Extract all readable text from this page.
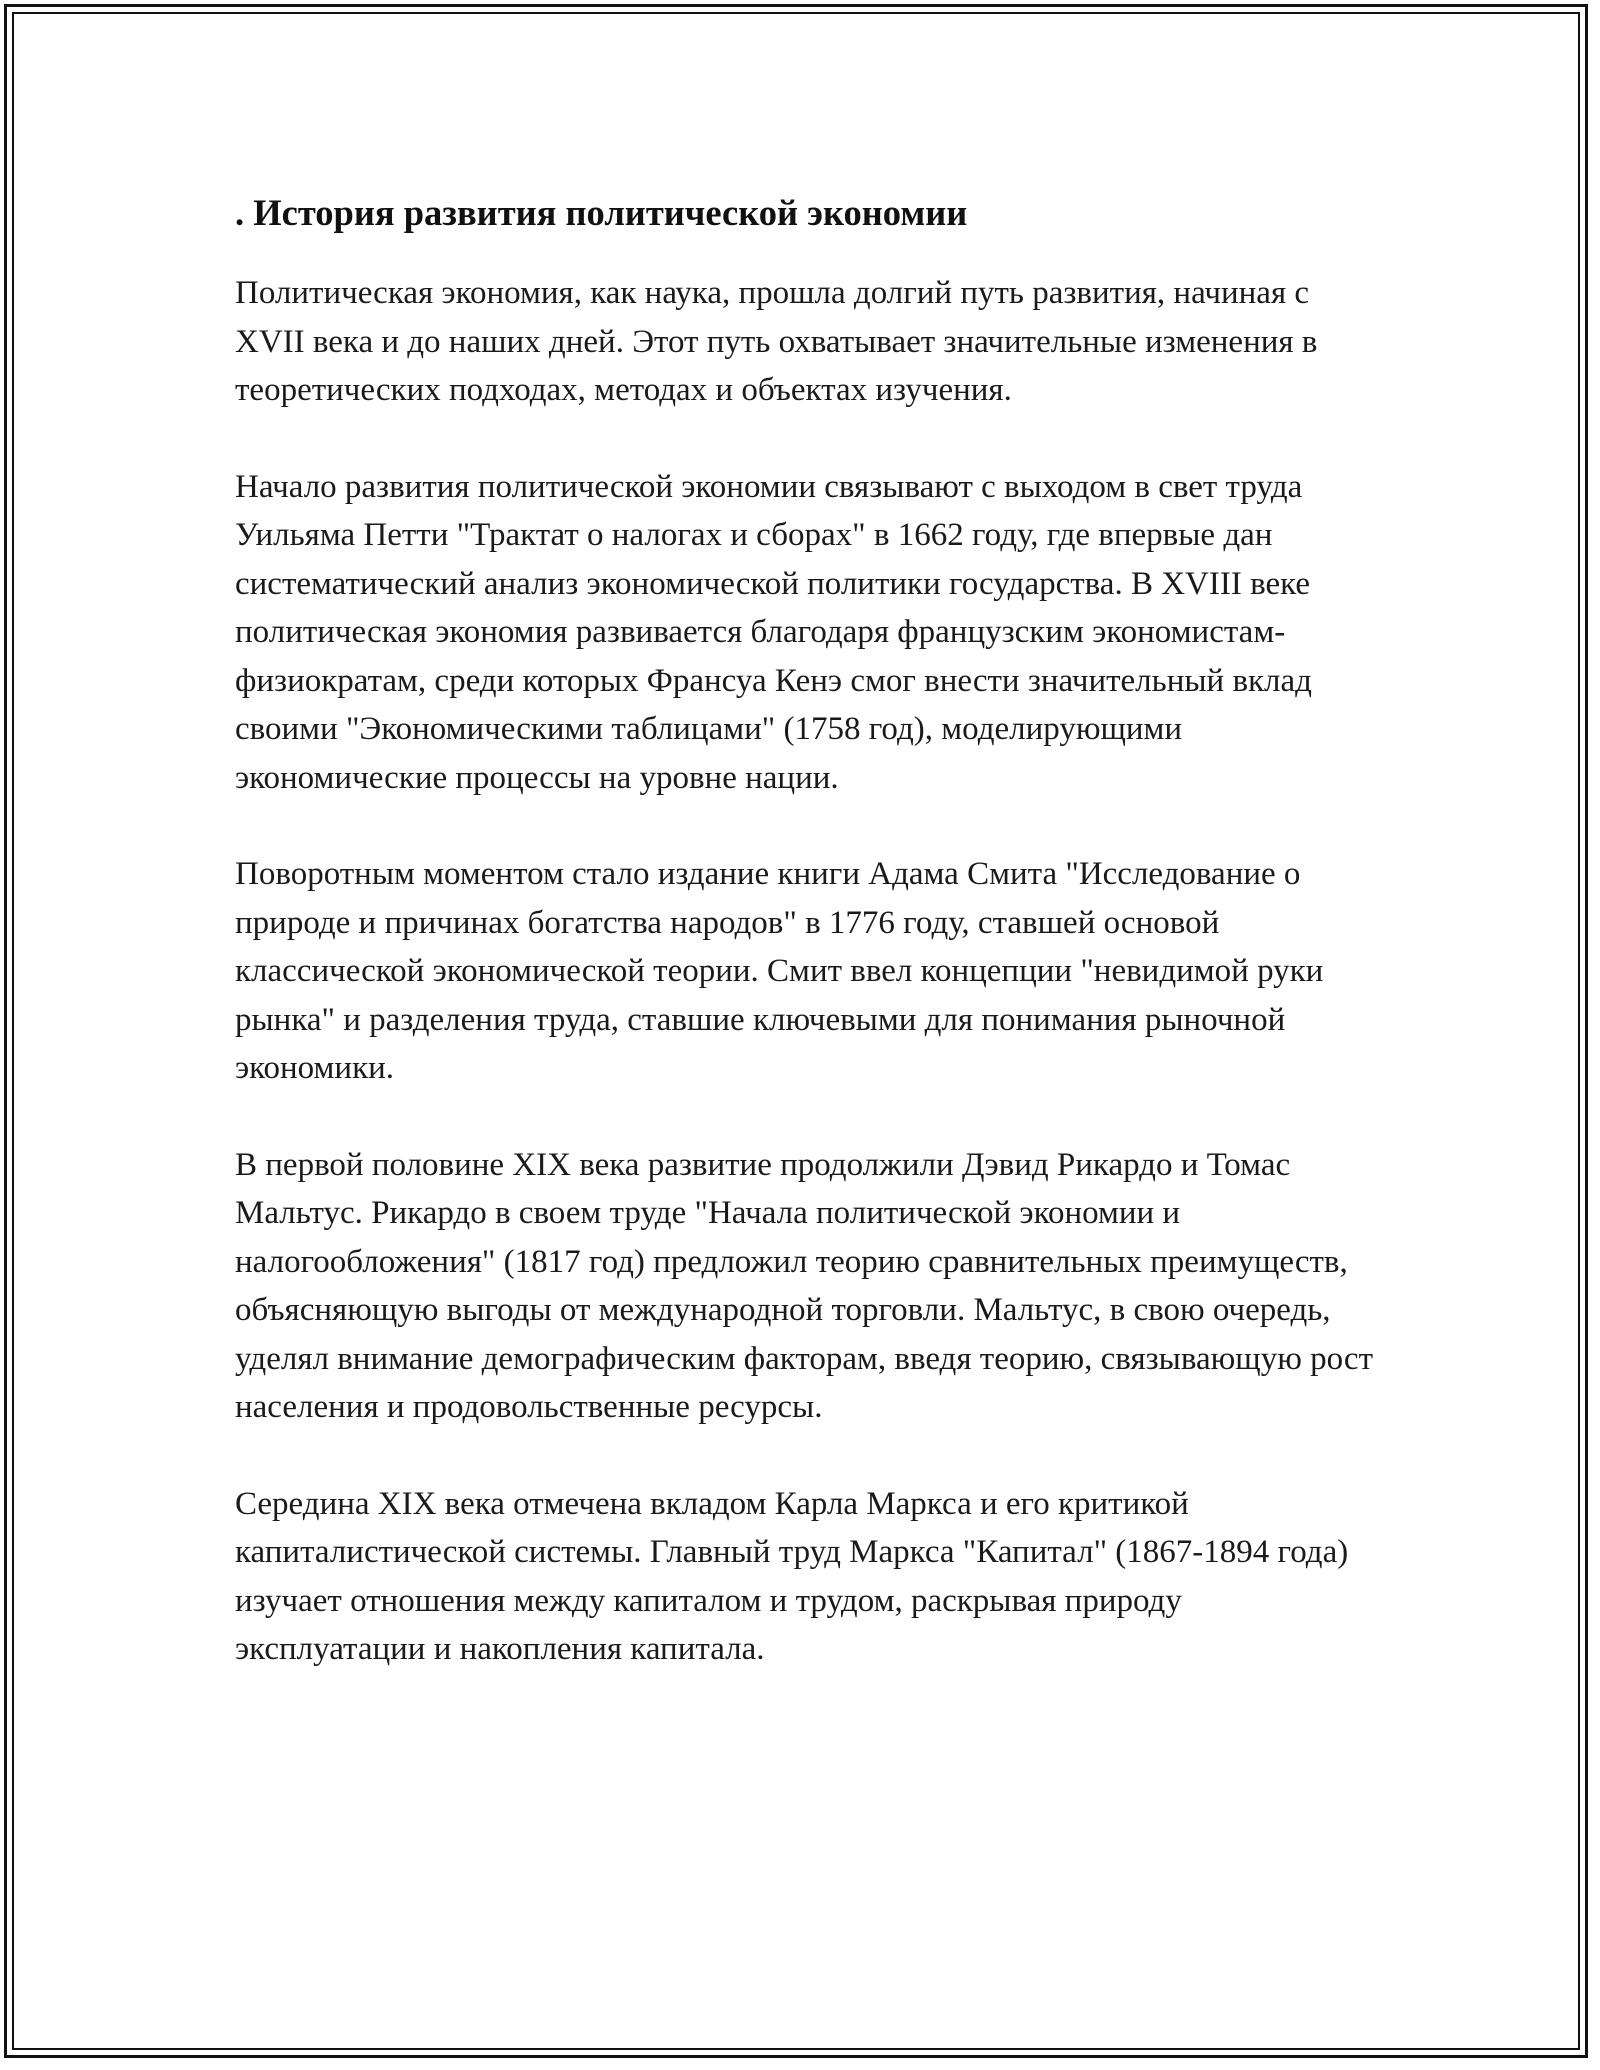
. История развития политической экономии

Политическая экономия, как наука, прошла долгий путь развития, начиная с XVII века и до наших дней. Этот путь охватывает значительные изменения в теоретических подходах, методах и объектах изучения.

Начало развития политической экономии связывают с выходом в свет труда Уильяма Петти "Трактат о налогах и сборах" в 1662 году, где впервые дан систематический анализ экономической политики государства. В XVIII веке политическая экономия развивается благодаря французским экономистам-физиократам, среди которых Франсуа Кенэ смог внести значительный вклад своими "Экономическими таблицами" (1758 год), моделирующими экономические процессы на уровне нации.

Поворотным моментом стало издание книги Адама Смита "Исследование о природе и причинах богатства народов" в 1776 году, ставшей основой классической экономической теории. Смит ввел концепции "невидимой руки рынка" и разделения труда, ставшие ключевыми для понимания рыночной экономики.

В первой половине XIX века развитие продолжили Дэвид Рикардо и Томас Мальтус. Рикардо в своем труде "Начала политической экономии и налогообложения" (1817 год) предложил теорию сравнительных преимуществ, объясняющую выгоды от международной торговли. Мальтус, в свою очередь, уделял внимание демографическим факторам, введя теорию, связывающую рост населения и продовольственные ресурсы.

Середина XIX века отмечена вкладом Карла Маркса и его критикой капиталистической системы. Главный труд Маркса "Капитал" (1867-1894 года) изучает отношения между капиталом и трудом, раскрывая природу эксплуатации и накопления капитала.
